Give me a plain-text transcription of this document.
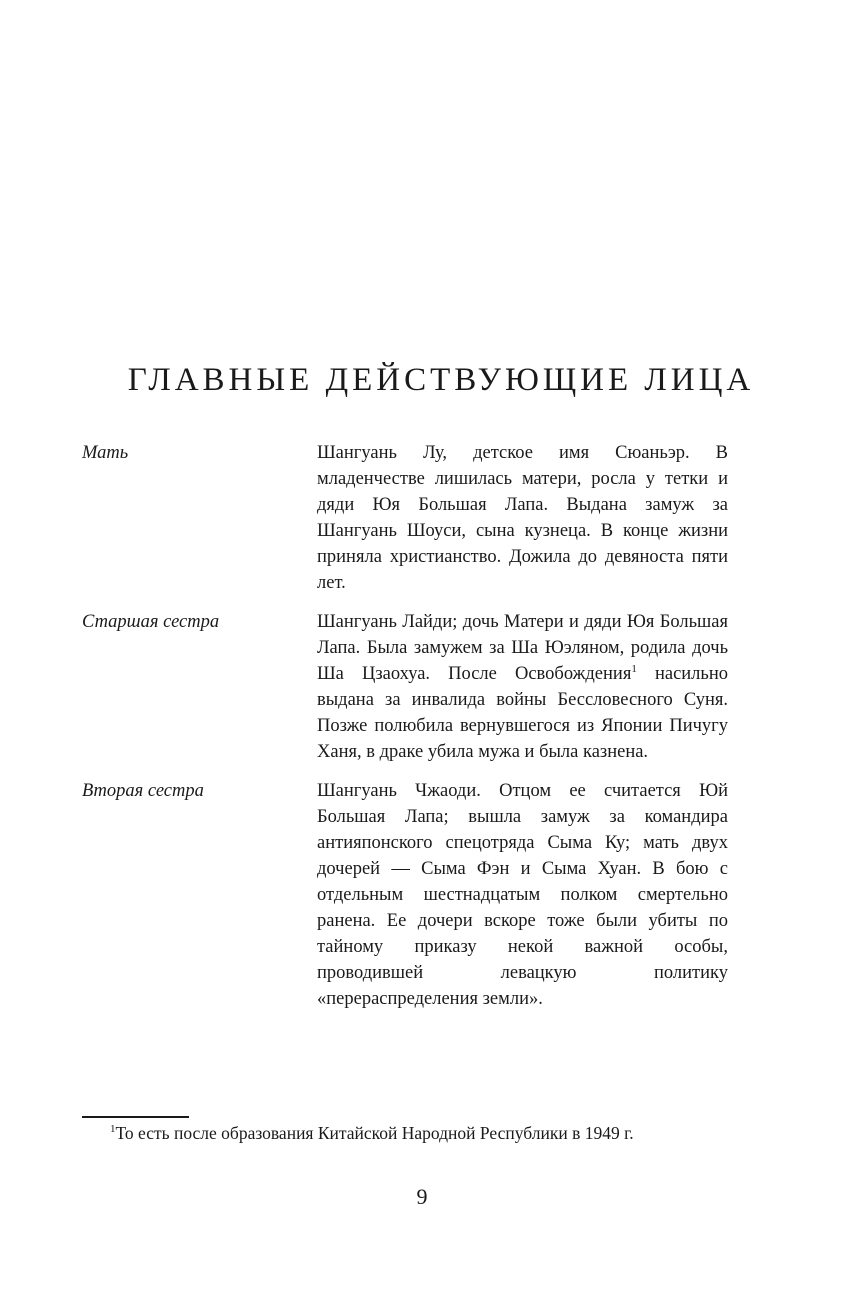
ГЛАВНЫЕ ДЕЙСТВУЮЩИЕ ЛИЦА
Мать	Шангуань Лу, детское имя Сюаньэр. В младенчестве лишилась матери, росла у тетки и дяди Юя Большая Лапа. Выдана замуж за Шангуань Шоуси, сына кузнеца. В конце жизни приняла христианство. Дожила до девяноста пяти лет.
Старшая сестра	Шангуань Лайди; дочь Матери и дяди Юя Большая Лапа. Была замужем за Ша Юэляном, родила дочь Ша Цзаохуа. После Освобождения$^1$ насильно выдана за инвалида войны Бессловесного Суня. Позже полюбила вернувшегося из Японии Пичугу Ханя, в драке убила мужа и была казнена.
Вторая сестра	Шангуань Чжаоди. Отцом ее считается Юй Большая Лапа; вышла замуж за командира антияпонского спецотряда Сыма Ку; мать двух дочерей — Сыма Фэн и Сыма Хуан. В бою с отдельным шестнадцатым полком смертельно ранена. Ее дочери вскоре тоже были убиты по тайному приказу некой важной особы, проводившей левацкую политику «перераспределения земли».
$^1$То есть после образования Китайской Народной Республики в 1949 г.
9
